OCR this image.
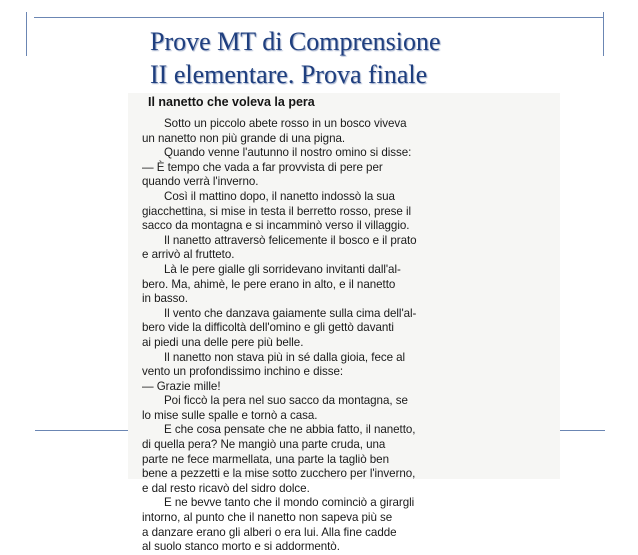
Prove MT di Comprensione
II elementare. Prova finale
Il nanetto che voleva la pera
Sotto un piccolo abete rosso in un bosco viveva
un nanetto non più grande di una pigna.
Quando venne l'autunno il nostro omino si disse:
— È tempo che vada a far provvista di pere per
quando verrà l'inverno.
Così il mattino dopo, il nanetto indossò la sua
giacchettina, si mise in testa il berretto rosso, prese il
sacco da montagna e si incamminò verso il villaggio.
Il nanetto attraversò felicemente il bosco e il prato
e arrivò al frutteto.
Là le pere gialle gli sorridevano invitanti dall'al-
bero. Ma, ahimè, le pere erano in alto, e il nanetto
in basso.
Il vento che danzava gaiamente sulla cima dell'al-
bero vide la difficoltà dell'omino e gli gettò davanti
ai piedi una delle pere più belle.
Il nanetto non stava più in sé dalla gioia, fece al
vento un profondissimo inchino e disse:
— Grazie mille!
Poi ficcò la pera nel suo sacco da montagna, se
lo mise sulle spalle e tornò a casa.
E che cosa pensate che ne abbia fatto, il nanetto,
di quella pera? Ne mangiò una parte cruda, una
parte ne fece marmellata, una parte la tagliò ben
bene a pezzetti e la mise sotto zucchero per l'inverno,
e dal resto ricavò del sidro dolce.
E ne bevve tanto che il mondo cominciò a girargli
intorno, al punto che il nanetto non sapeva più se
a danzare erano gli alberi o era lui. Alla fine cadde
al suolo stanco morto e si addormentò.
